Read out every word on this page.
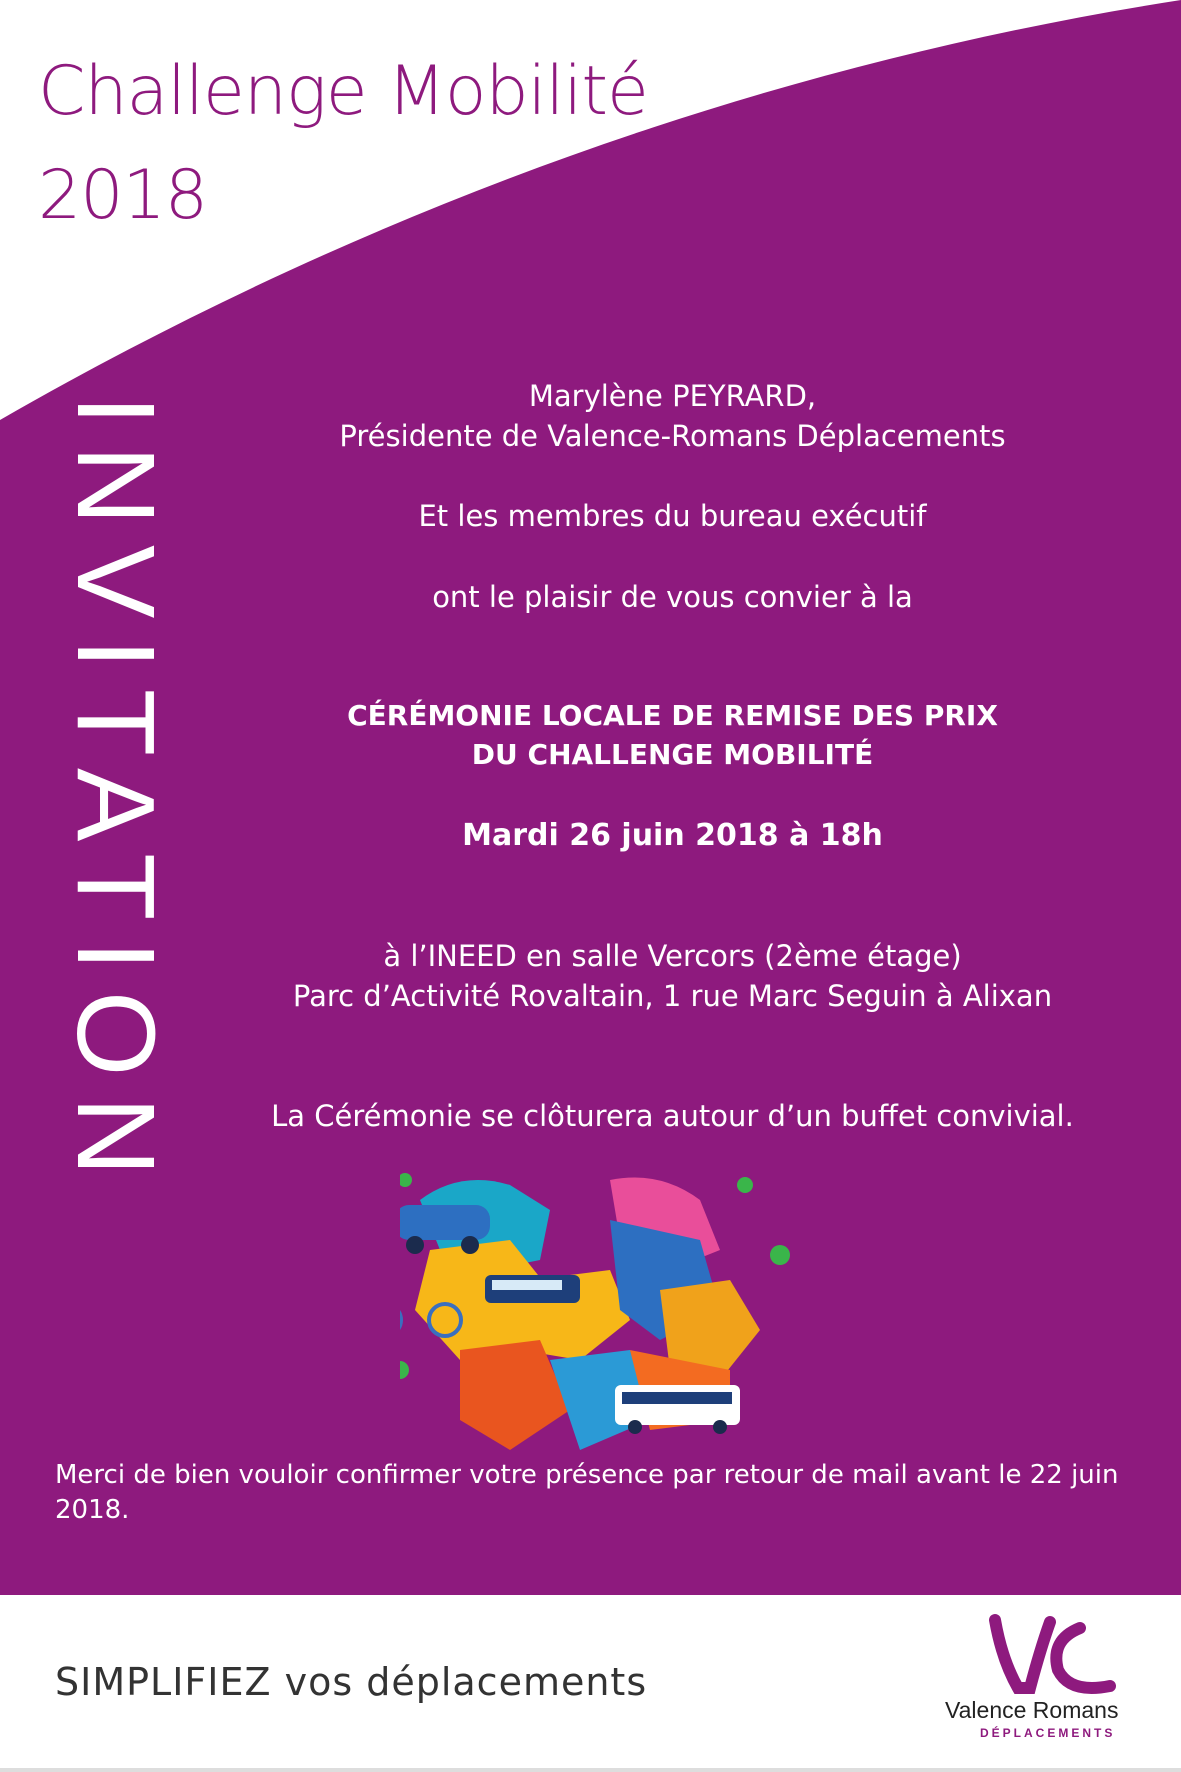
Challenge Mobilité
2018
INVITATION	Marylène PEYRARD,

Présidente de Valence-Romans Déplacements

Et les membres du bureau exécutif

ont le plaisir de vous convier à la

CÉRÉMONIE LOCALE DE REMISE DES PRIX

DU CHALLENGE MOBILITÉ

Mardi 26 juin 2018 à 18h

à l’INEED en salle Vercors (2ème étage)

Parc d’Activité Rovaltain, 1 rue Marc Seguin à Alixan

La Cérémonie se clôturera autour d’un buffet convivial.

Merci de bien vouloir confirmer votre présence par retour de mail avant le 22 juin 2018.

SIMPLIFIEZ vos déplacements

Valence Romans

DÉPLACEMENTS
